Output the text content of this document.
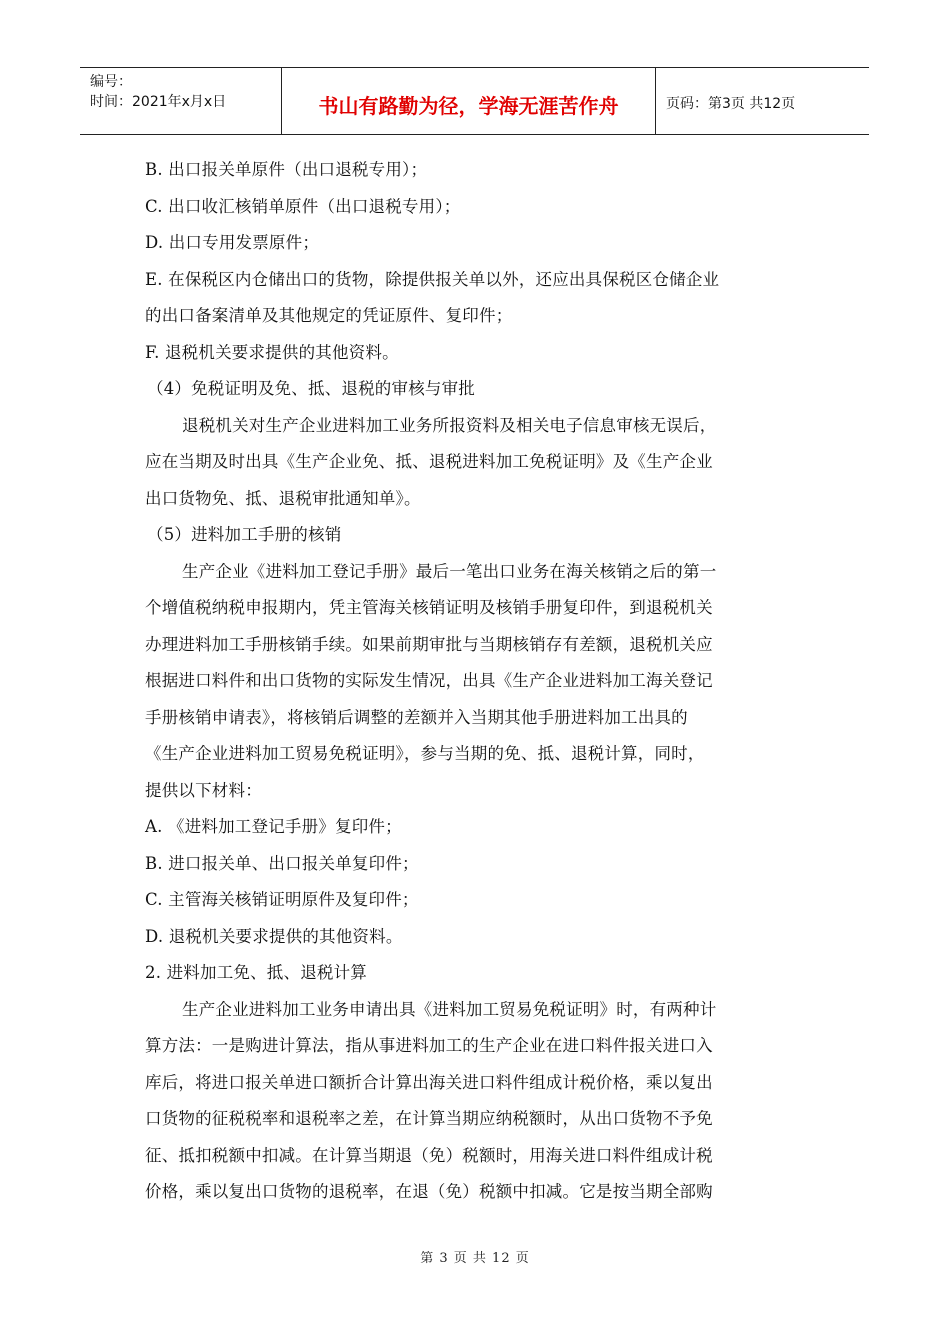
编号：
时间：2021年x月x日	书山有路勤为径，学海无涯苦作舟	页码：第3页 共12页
B. 出口报关单原件（出口退税专用）；
C. 出口收汇核销单原件（出口退税专用）；
D. 出口专用发票原件；
E. 在保税区内仓储出口的货物，除提供报关单以外，还应出具保税区仓储企业
的出口备案清单及其他规定的凭证原件、复印件；
F. 退税机关要求提供的其他资料。
（4）免税证明及免、抵、退税的审核与审批
退税机关对生产企业进料加工业务所报资料及相关电子信息审核无误后，
应在当期及时出具《生产企业免、抵、退税进料加工免税证明》及《生产企业
出口货物免、抵、退税审批通知单》。
（5）进料加工手册的核销
生产企业《进料加工登记手册》最后一笔出口业务在海关核销之后的第一
个增值税纳税申报期内，凭主管海关核销证明及核销手册复印件，到退税机关
办理进料加工手册核销手续。如果前期审批与当期核销存有差额，退税机关应
根据进口料件和出口货物的实际发生情况，出具《生产企业进料加工海关登记
手册核销申请表》，将核销后调整的差额并入当期其他手册进料加工出具的
《生产企业进料加工贸易免税证明》，参与当期的免、抵、退税计算，同时，
提供以下材料：
A. 《进料加工登记手册》复印件；
B. 进口报关单、出口报关单复印件；
C. 主管海关核销证明原件及复印件；
D. 退税机关要求提供的其他资料。
2. 进料加工免、抵、退税计算
生产企业进料加工业务申请出具《进料加工贸易免税证明》时，有两种计
算方法：一是购进计算法，指从事进料加工的生产企业在进口料件报关进口入
库后，将进口报关单进口额折合计算出海关进口料件组成计税价格，乘以复出
口货物的征税税率和退税率之差，在计算当期应纳税额时，从出口货物不予免
征、抵扣税额中扣减。在计算当期退（免）税额时，用海关进口料件组成计税
价格，乘以复出口货物的退税率，在退（免）税额中扣减。它是按当期全部购
第 3 页 共 12 页
